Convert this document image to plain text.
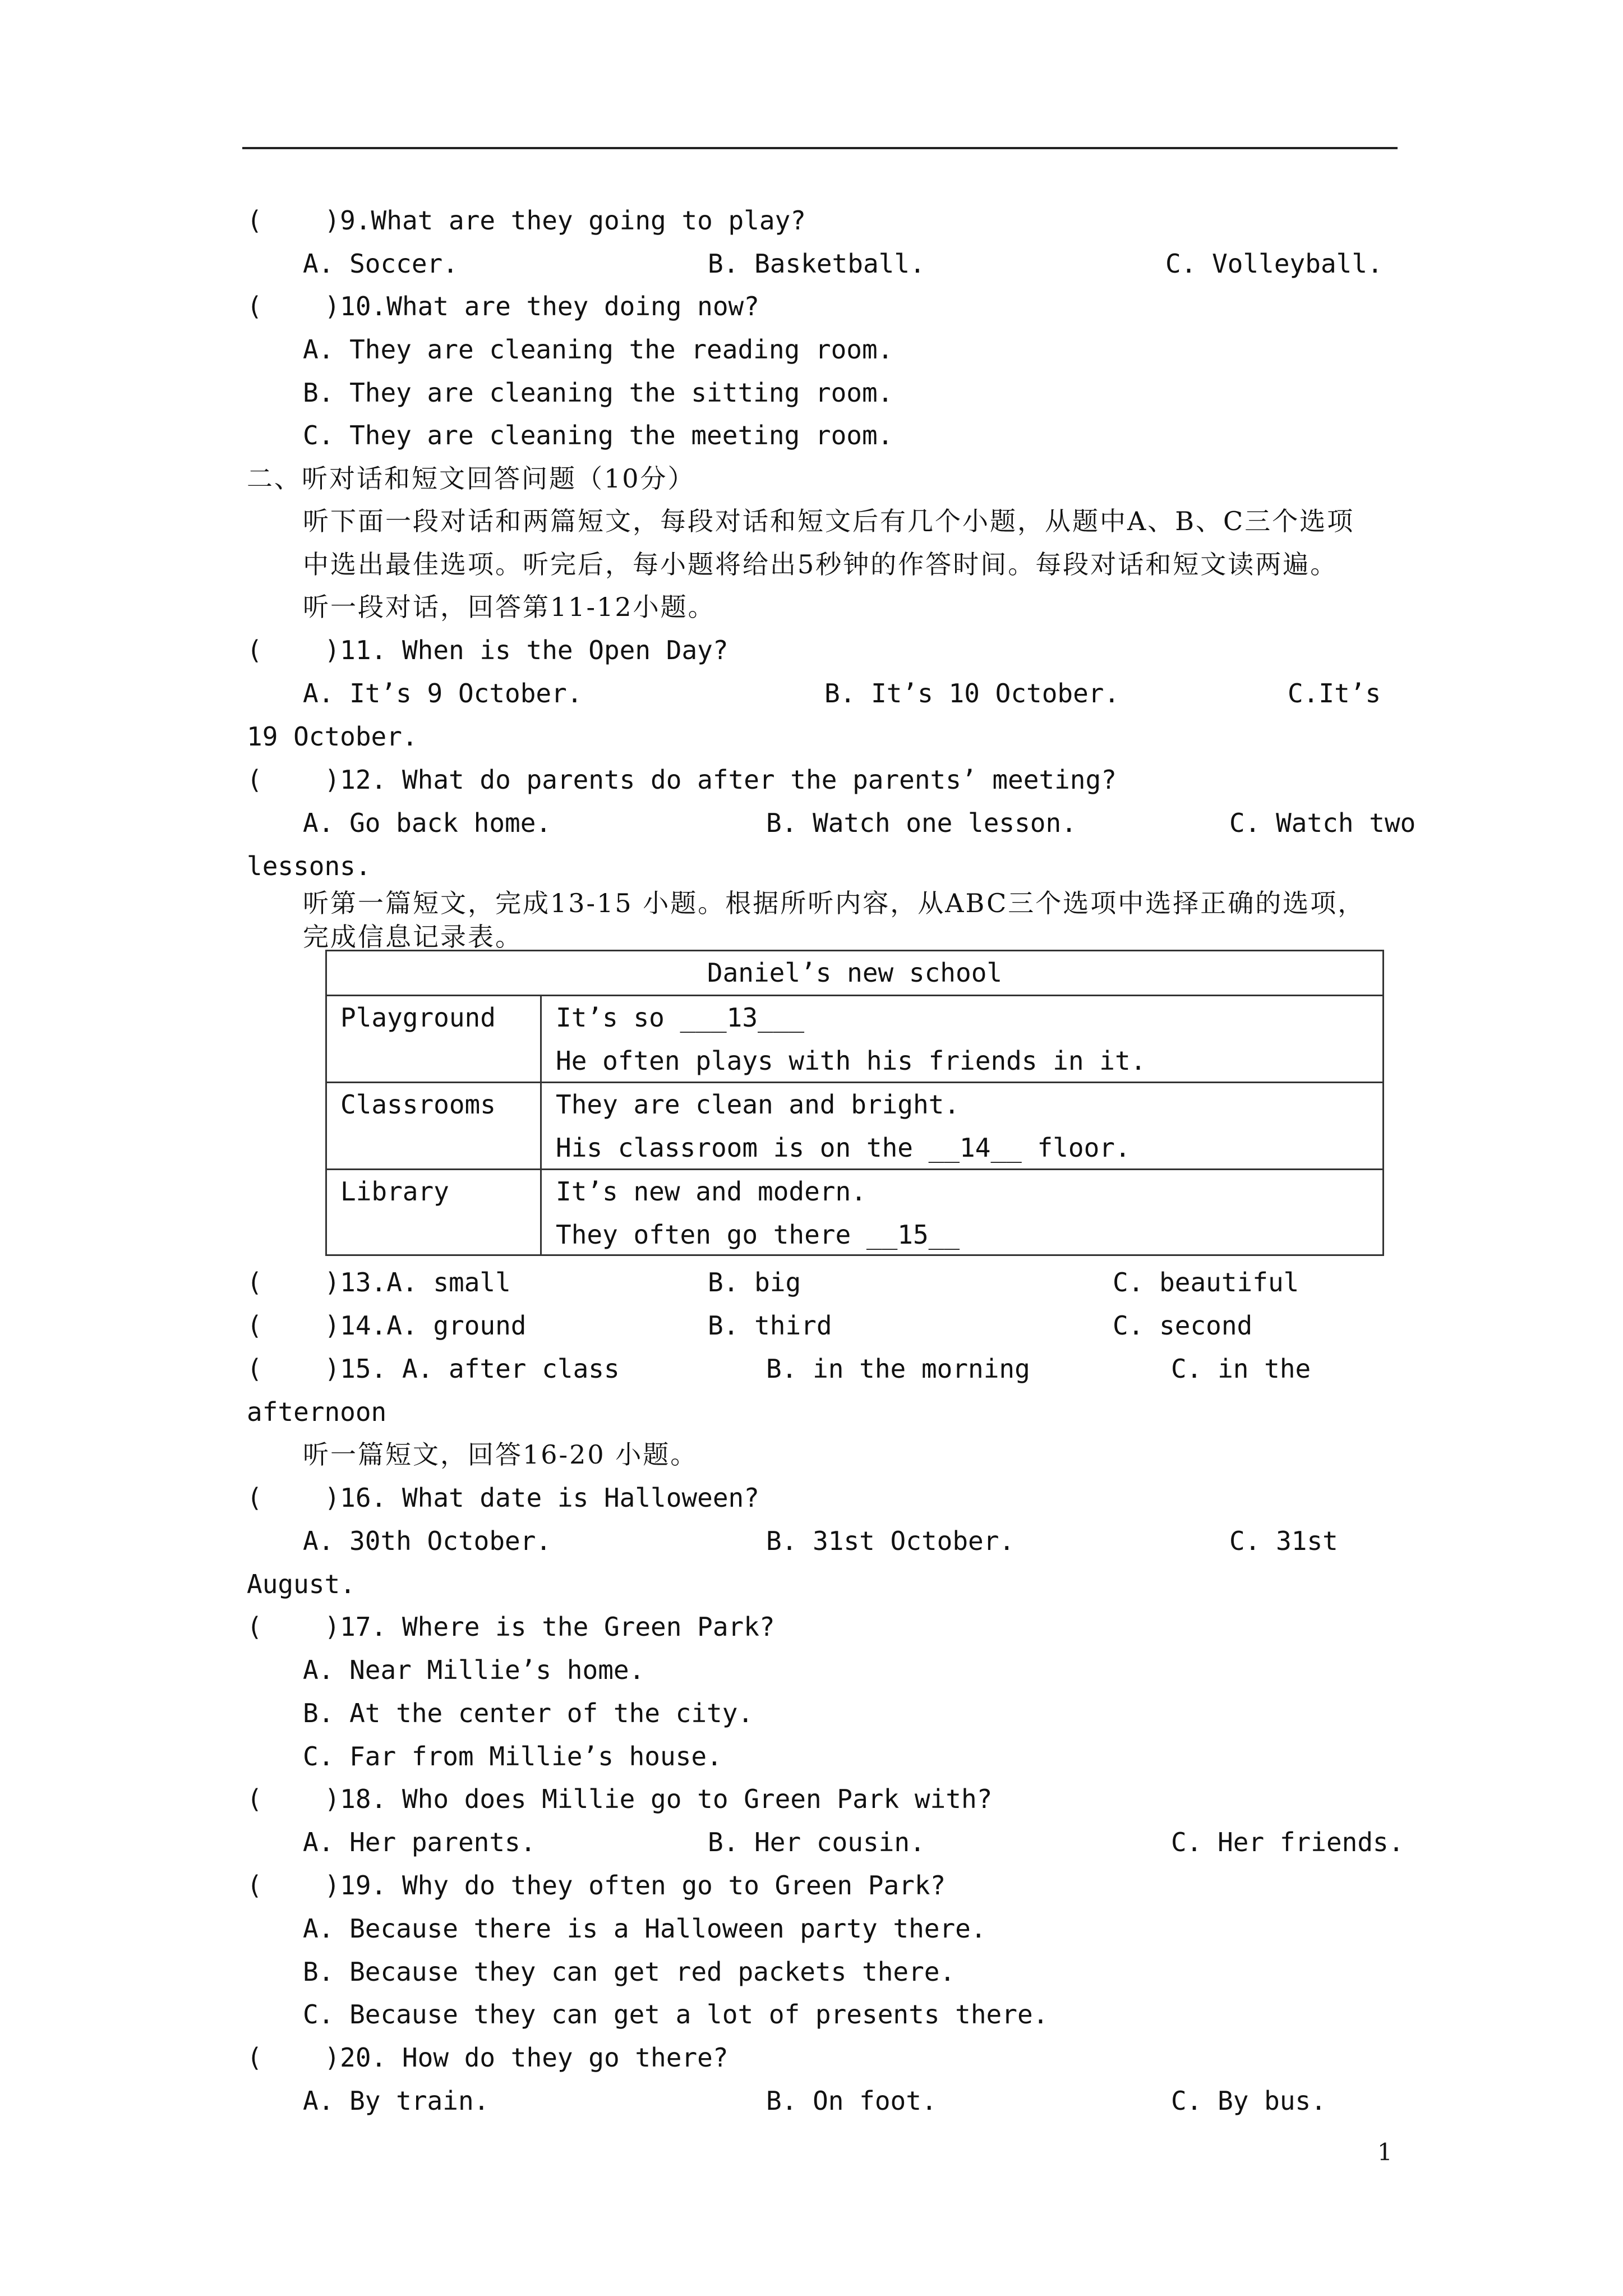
(    )9.What are they going to play?
A. Soccer.	B. Basketball.	C. Volleyball.
(    )10.What are they doing now?
A. They are cleaning the reading room.
B. They are cleaning the sitting room.
C. They are cleaning the meeting room.
二、听对话和短文回答问题（10分）
听下面一段对话和两篇短文，每段对话和短文后有几个小题，从题中A、B、C三个选项
中选出最佳选项。听完后，每小题将给出5秒钟的作答时间。每段对话和短文读两遍。
听一段对话，回答第11-12小题。
(    )11. When is the Open Day?
A. It’s 9 October.	B. It’s 10 October.	C.It’s
19 October.
(    )12. What do parents do after the parents’ meeting?
A. Go back home.	B. Watch one lesson.	C. Watch two
lessons.
听第一篇短文，完成13-15 小题。根据所听内容，从ABC三个选项中选择正确的选项，
完成信息记录表。
Daniel’s new school
Playground It’s so ___13___
He often plays with his friends in it.
Classrooms They are clean and bright.
His classroom is on the __14__ floor.
Library	It’s new and modern.
They often go there __15__
(    )13.A. small	B. big	C. beautiful
(    )14.A. ground	B. third	C. second
(    )15. A. after class	B. in the morning	C. in the
afternoon
听一篇短文，回答16-20 小题。
(    )16. What date is Halloween?
A. 30th October.	B. 31st October.	C. 31st
August.
(    )17. Where is the Green Park?
A. Near Millie’s home.
B. At the center of the city.
C. Far from Millie’s house.
(    )18. Who does Millie go to Green Park with?
A. Her parents.	B. Her cousin.	C. Her friends.
(    )19. Why do they often go to Green Park?
A. Because there is a Halloween party there.
B. Because they can get red packets there.
C. Because they can get a lot of presents there.
(    )20. How do they go there?
A. By train.	B. On foot.	C. By bus.
1
